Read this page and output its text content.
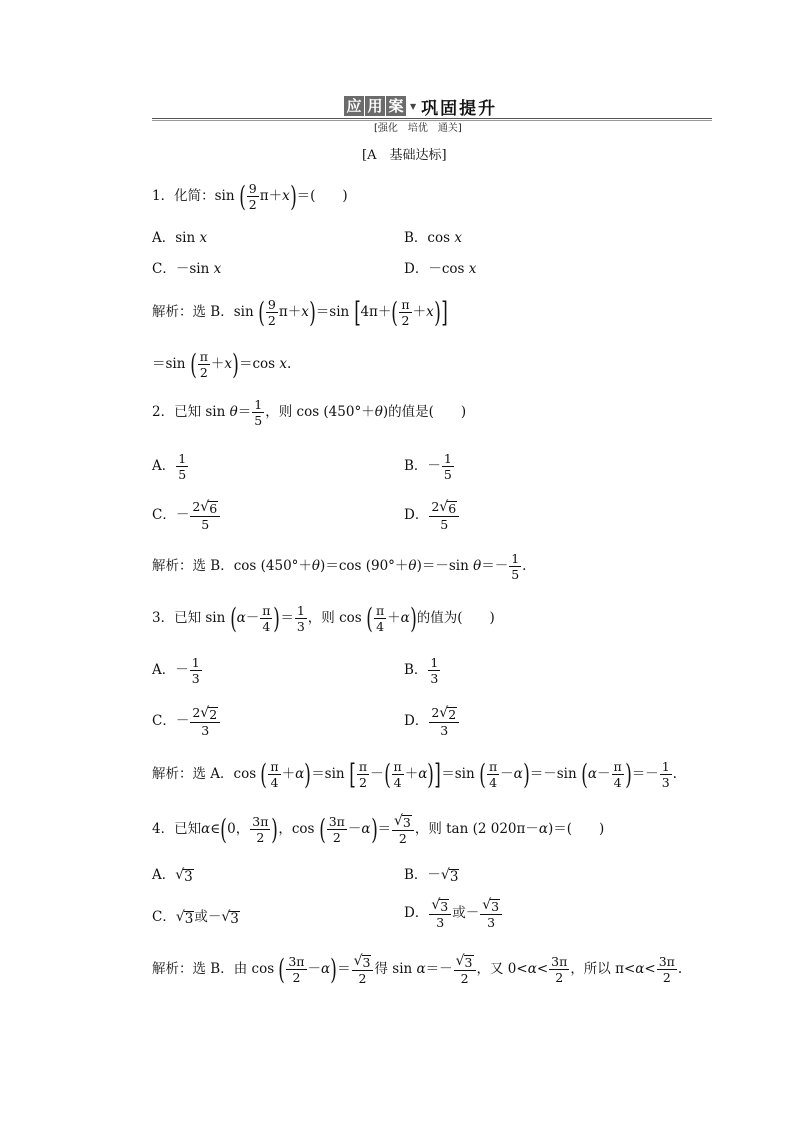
应 用 案 ▼ 巩固提升
[强化　培优　通关]
[A　基础达标]
1．化简：sin
( $\frac{9}{2} \pi+ x$ ) ＝(　　)
A．sin x	B．cos x
C．－sin x	D．－cos x
解析：选 B．sin
( $\frac{9}{2} \pi+ x$ ) ＝sin
[ 4π＋ ( $\frac{\pi}{2} + x$ ) ]
＝sin
( $\frac{\pi}{2} + x$ ) ＝cos
x .
2．已知 sin
$\theta = \frac{1}{5}$ ，则 cos (450°＋ θ )的值是(　　)
A． $\frac{1}{5}$	B．－ $\frac{1}{5}$
C．－ $\frac{2 √ 6}{5}$	D． $\frac{2 √ 6}{5}$
解析：选 B．cos (450°＋ θ )＝cos (90°＋ θ )＝－sin
$\theta =- \frac{1}{5}$ .
3．已知 sin
( $\alpha - \frac{\pi}{4}$ ) ＝ $\frac{1}{3}$ ，则 cos
( $\frac{\pi}{4} + \alpha$ ) 的值为(　　)
A．－ $\frac{1}{3}$	B． $\frac{1}{3}$
C．－ $\frac{2 √ 2}{3}$	D． $\frac{2 √ 2}{3}$
解析：选 A．cos
( $\frac{\pi}{4} + \alpha$ ) ＝sin
[ $\frac{\pi}{2}$ － ( $\frac{\pi}{4} + \alpha$ ) ] ＝sin
( $\frac{\pi}{4} - \alpha$ ) ＝－sin
( $\alpha - \frac{\pi}{4}$ ) ＝－ $\frac{1}{3}$ .
4．已知 α ∈ ( 0， $\frac{3\pi}{2}$ ) ，cos
( $\frac{3\pi}{2} - \alpha$ ) ＝ $\frac{√ 3}{2}$ ，则 tan (2 020π－ α )＝(　　)
A． √ 3	B．－ √ 3
C． √ 3 或－ √ 3	D． $\frac{√ 3}{3}$ 或－ $\frac{√ 3}{3}$
解析：选 B．由 cos
( $\frac{3\pi}{2} - \alpha$ ) ＝ $\frac{√ 3}{2}$ 得 sin
$\alpha =- \frac{√ 3}{2}$ ，又 $0< \alpha < \frac{3\pi}{2}$ ，所以 $\pi< \alpha < \frac{3\pi}{2}$ .
